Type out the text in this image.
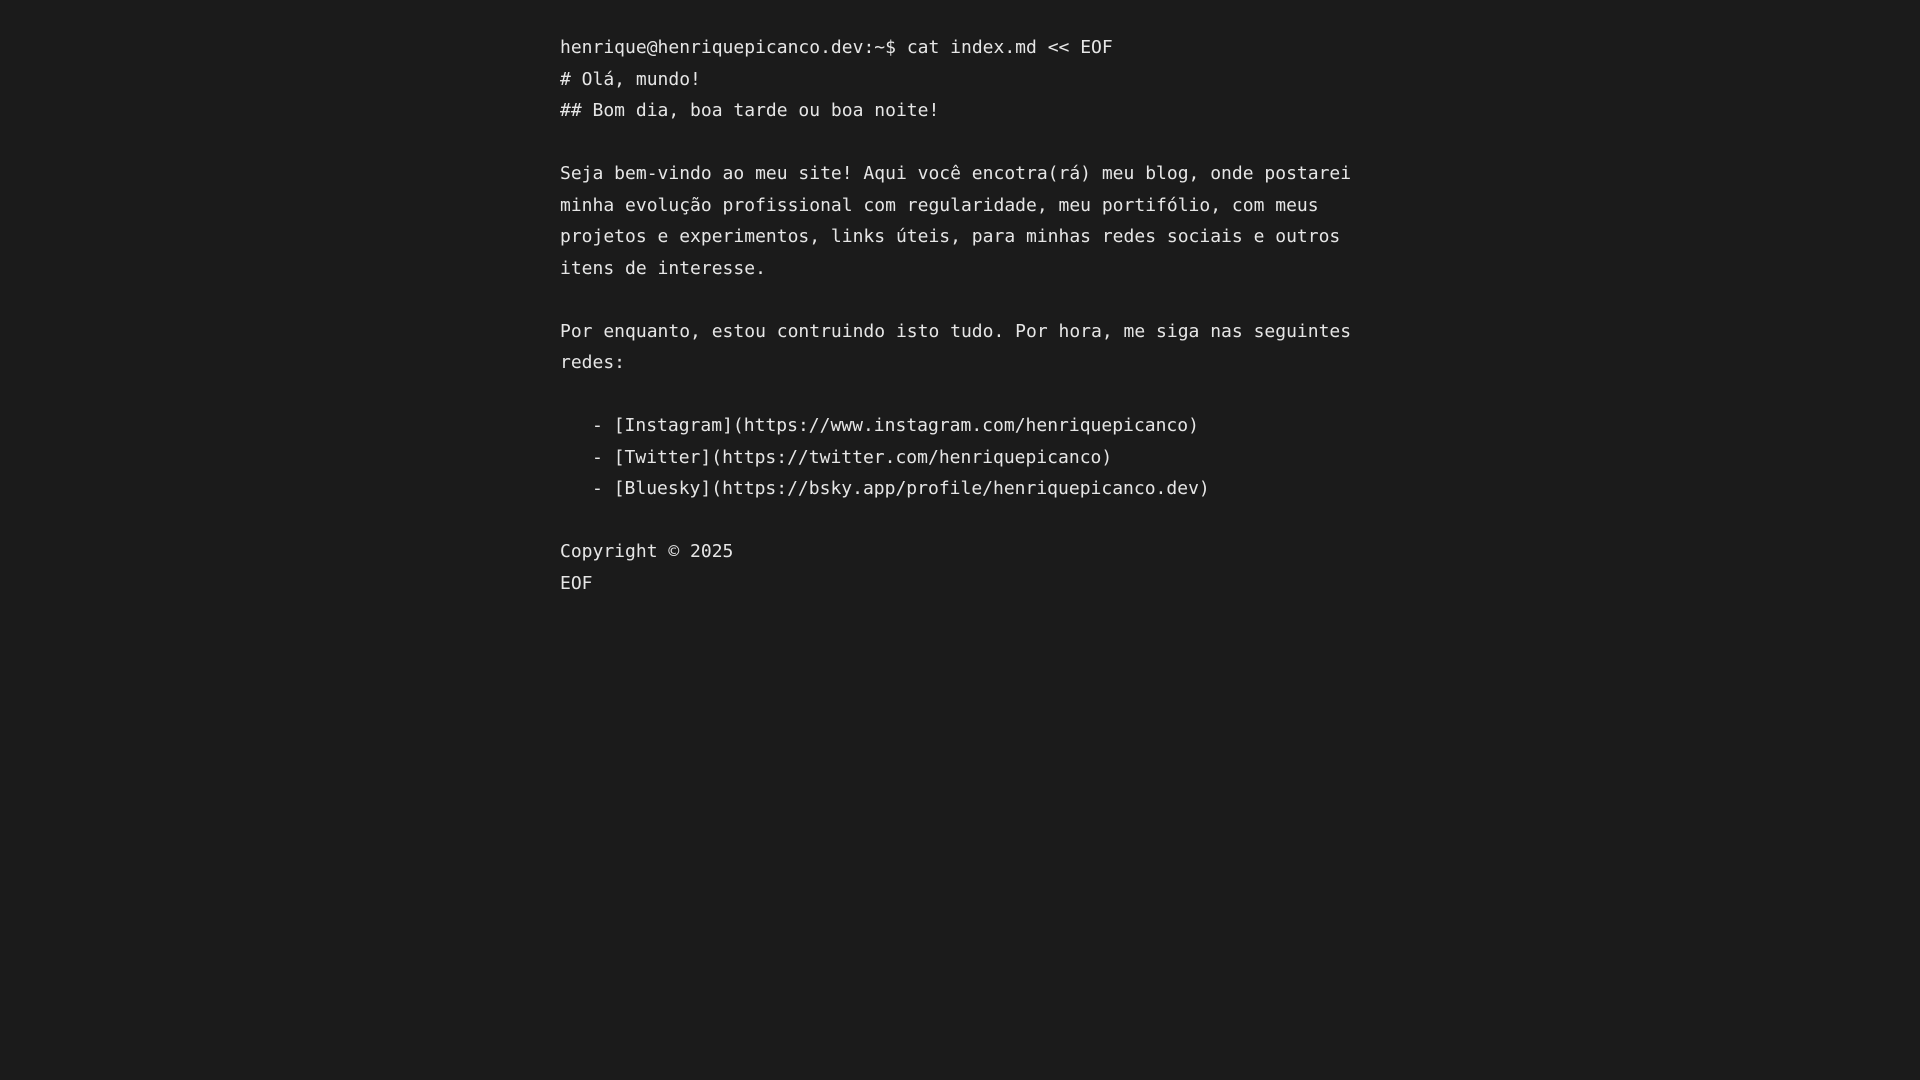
henrique@henriquepicanco.dev:~$ cat index.md << EOF
# Olá, mundo!
## Bom dia, boa tarde ou boa noite!
Seja bem-vindo ao meu site! Aqui você encotra(rá) meu blog, onde postarei minha evolução profissional com regularidade, meu portifólio, com meus projetos e experimentos, links úteis, para minhas redes sociais e outros itens de interesse.
Por enquanto, estou contruindo isto tudo. Por hora, me siga nas seguintes redes:
- [Instagram](https://www.instagram.com/henriquepicanco)
- [Twitter](https://twitter.com/henriquepicanco)
- [Bluesky](https://bsky.app/profile/henriquepicanco.dev)
Copyright © 2025
EOF
